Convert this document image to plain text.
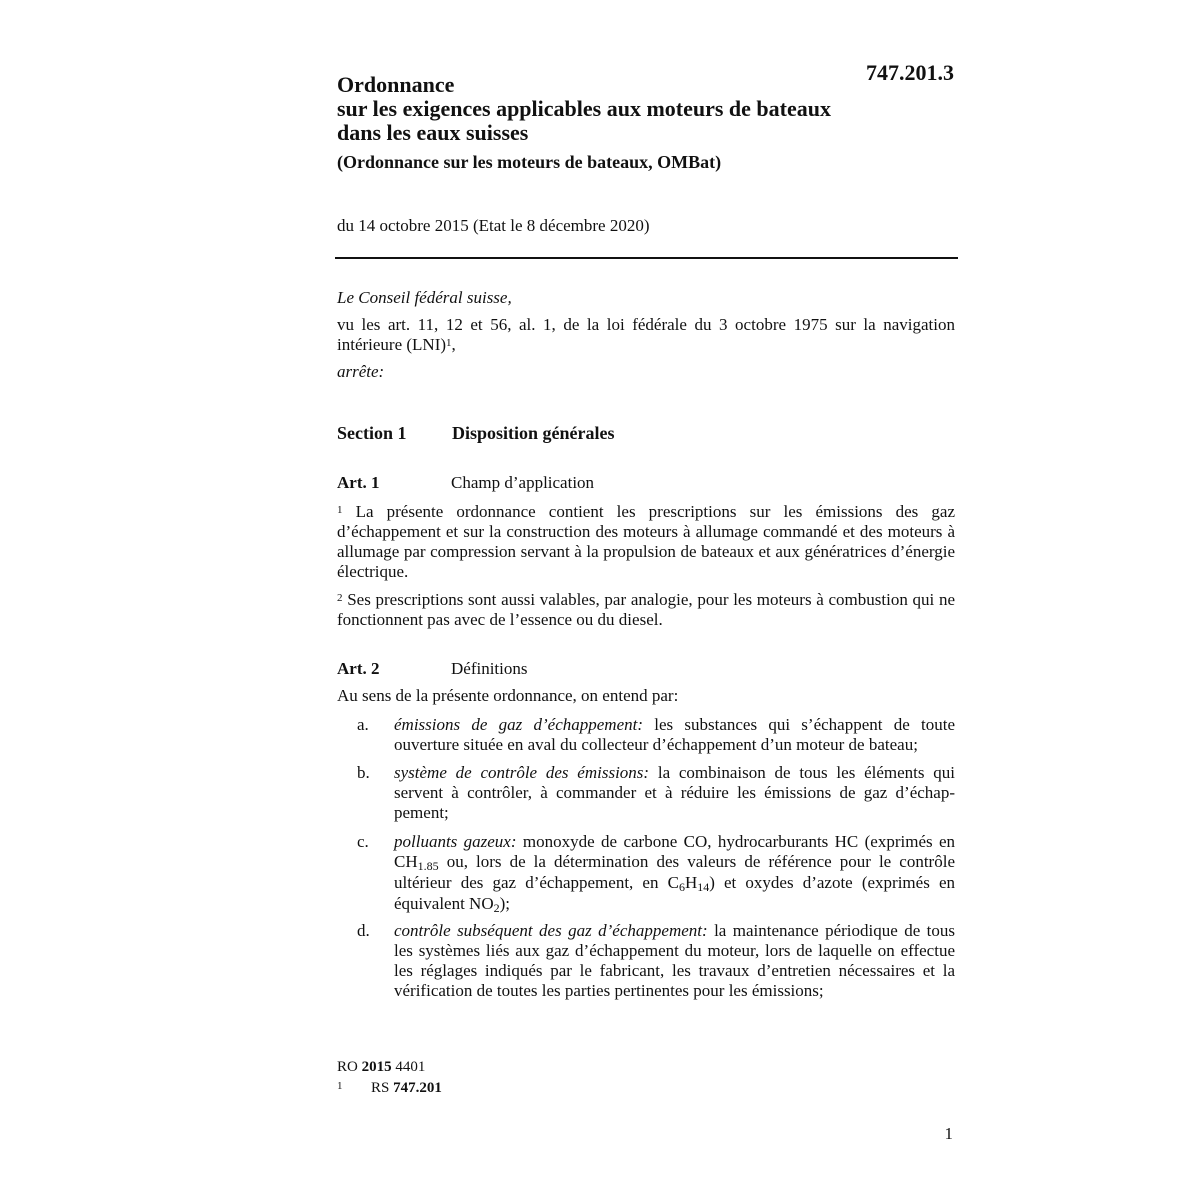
747.201.3
Ordonnance
sur les exigences applicables aux moteurs de bateaux
dans les eaux suisses
(Ordonnance sur les moteurs de bateaux, OMBat)
du 14 octobre 2015 (Etat le 8 décembre 2020)
Le Conseil fédéral suisse,
vu les art. 11, 12 et 56, al. 1, de la loi fédérale du 3 octobre 1975 sur la navigation intérieure (LNI)$^1$,
arrête:
Section 1	Disposition générales
Art. 1	Champ d’application
$^1$ La présente ordonnance contient les prescriptions sur les émissions des gaz d’échappement et sur la construction des moteurs à allumage commandé et des moteurs à allumage par compression servant à la propulsion de bateaux et aux génératrices d’énergie électrique.
$^2$ Ses prescriptions sont aussi valables, par analogie, pour les moteurs à combustion qui ne fonctionnent pas avec de l’essence ou du diesel.
Art. 2	Définitions
Au sens de la présente ordonnance, on entend par:
a. émissions de gaz d’échappement: les substances qui s’échappent de toute ouverture située en aval du collecteur d’échappement d’un moteur de bateau;
b. système de contrôle des émissions: la combinaison de tous les éléments qui servent à contrôler, à commander et à réduire les émissions de gaz d’échappement;
c. polluants gazeux: monoxyde de carbone CO, hydrocarburants HC (exprimés en $CH_{1.85}$ ou, lors de la détermination des valeurs de référence pour le contrôle ultérieur des gaz d’échappement, en $C_6H_{14}$) et oxydes d’azote (exprimés en équivalent $NO_2$);
d. contrôle subséquent des gaz d’échappement: la maintenance périodique de tous les systèmes liés aux gaz d’échappement du moteur, lors de laquelle on effectue les réglages indiqués par le fabricant, les travaux d’entretien nécessaires et la vérification de toutes les parties pertinentes pour les émissions;
RO 2015 4401
1 RS 747.201
1
